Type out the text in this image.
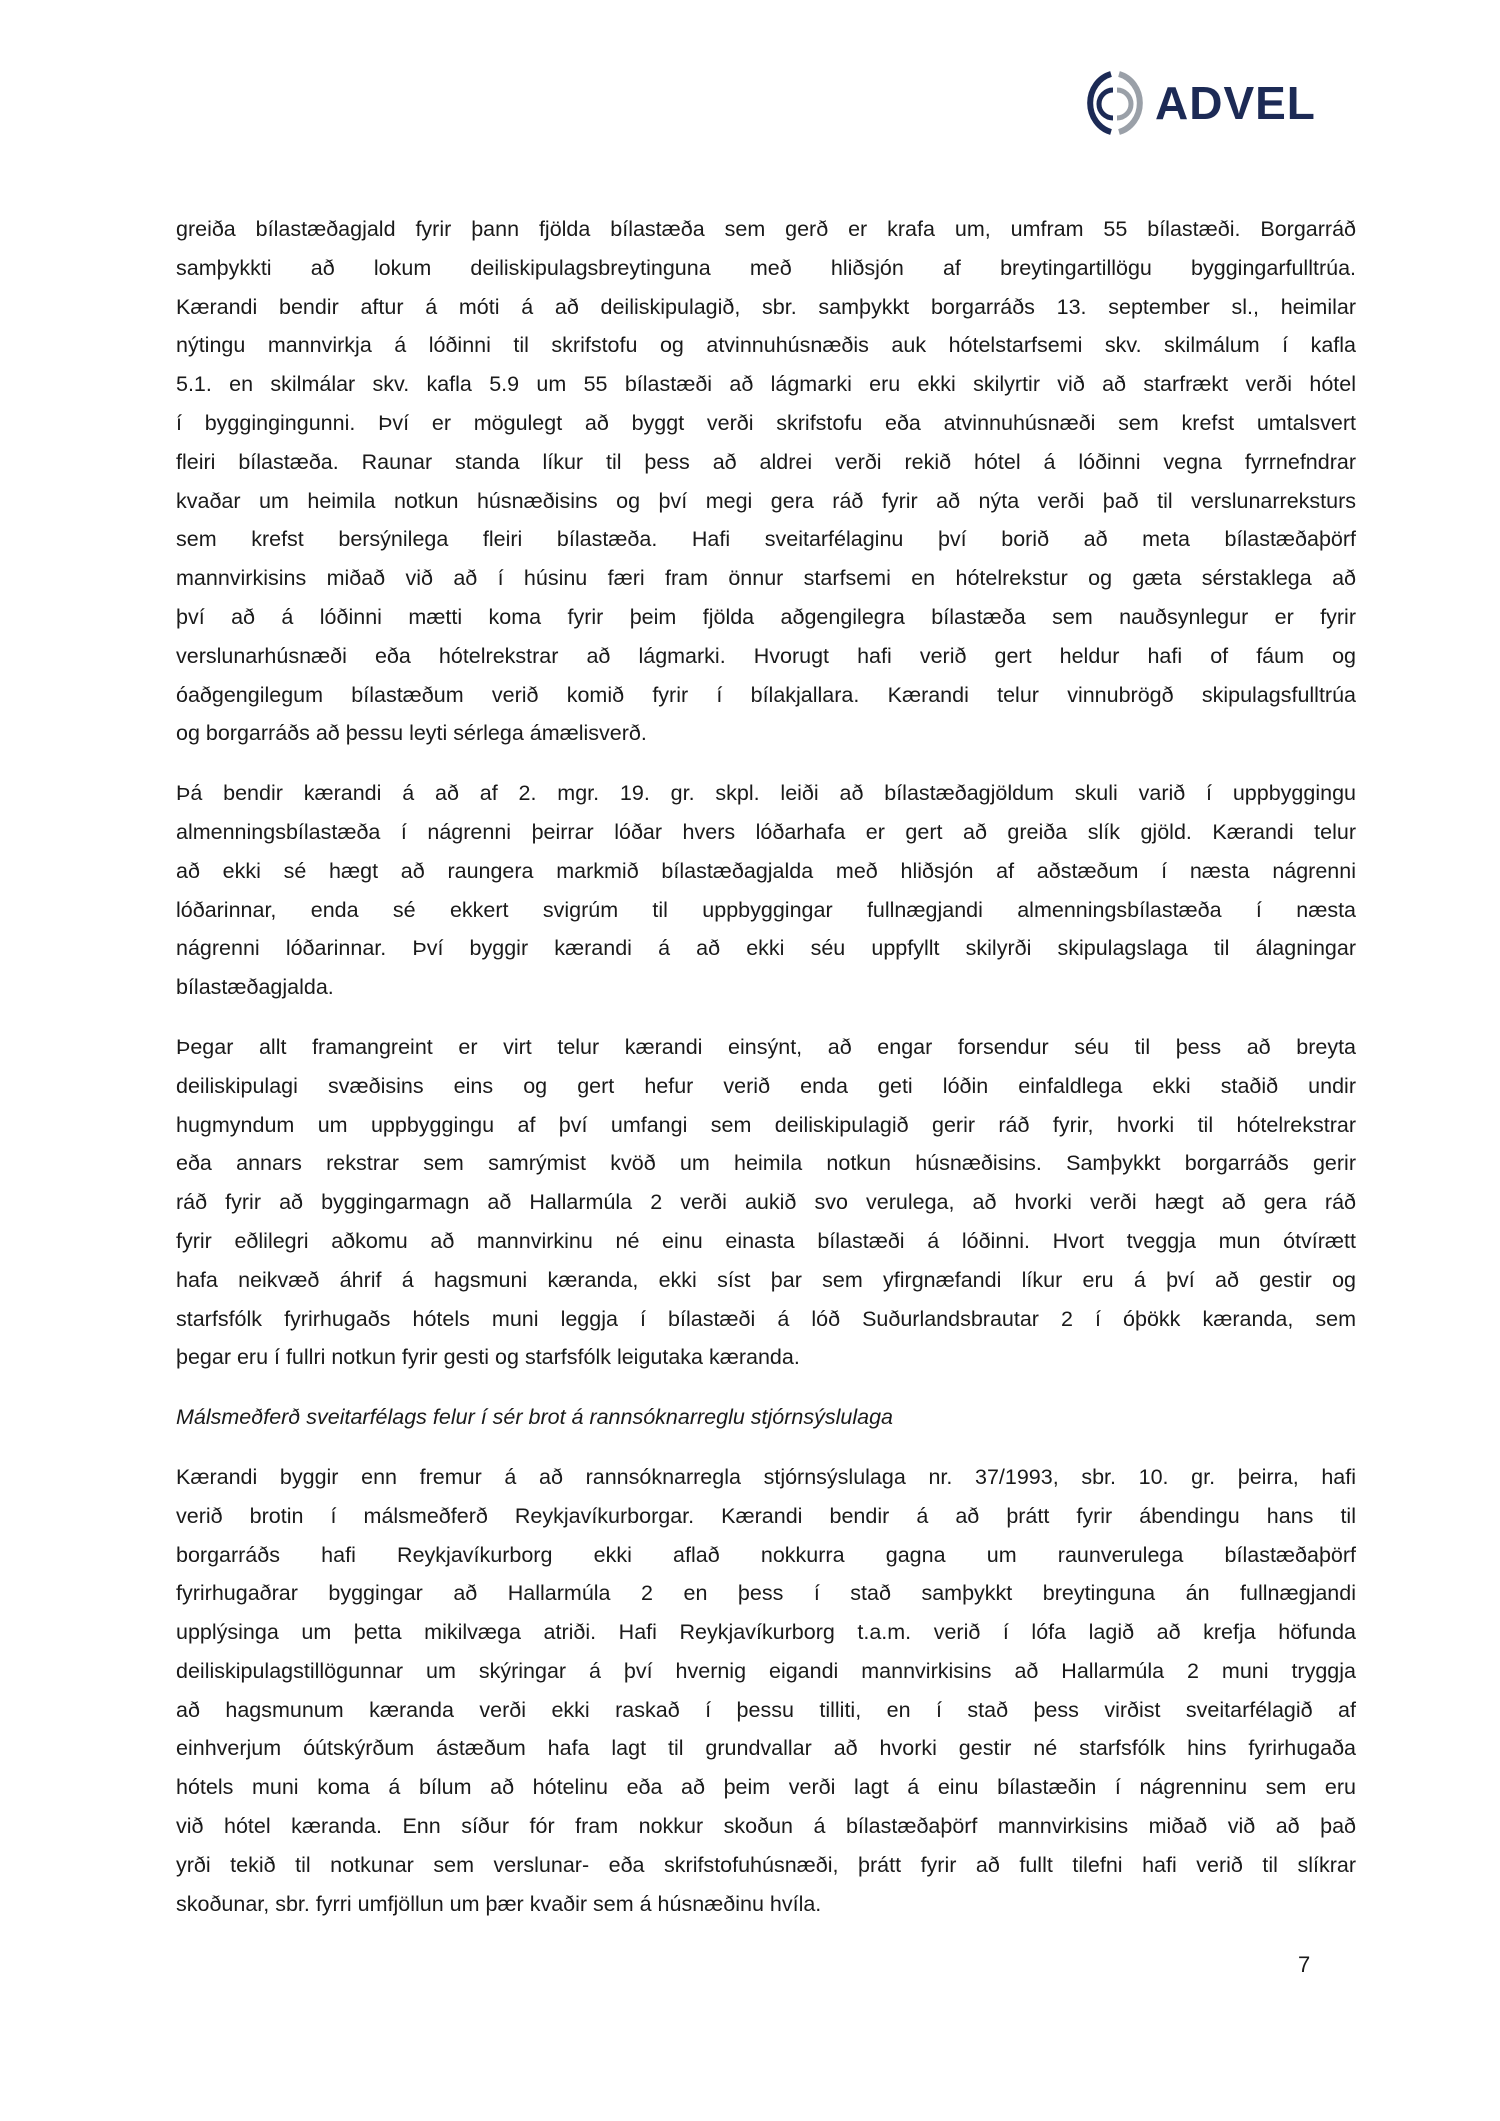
ADVEL
greiða bílastæðagjald fyrir þann fjölda bílastæða sem gerð er krafa um, umfram 55 bílastæði. Borgarráð
samþykkti að lokum deiliskipulagsbreytinguna með hliðsjón af breytingartillögu byggingarfulltrúa.
Kærandi bendir aftur á móti á að deiliskipulagið, sbr. samþykkt borgarráðs 13. september sl., heimilar
nýtingu mannvirkja á lóðinni til skrifstofu og atvinnuhúsnæðis auk hótelstarfsemi skv. skilmálum í kafla
5.1. en skilmálar skv. kafla 5.9 um 55 bílastæði að lágmarki eru ekki skilyrtir við að starfrækt verði hótel
í byggingingunni. Því er mögulegt að byggt verði skrifstofu eða atvinnuhúsnæði sem krefst umtalsvert
fleiri bílastæða. Raunar standa líkur til þess að aldrei verði rekið hótel á lóðinni vegna fyrrnefndrar
kvaðar um heimila notkun húsnæðisins og því megi gera ráð fyrir að nýta verði það til verslunarreksturs
sem krefst bersýnilega fleiri bílastæða. Hafi sveitarfélaginu því borið að meta bílastæðaþörf
mannvirkisins miðað við að í húsinu færi fram önnur starfsemi en hótelrekstur og gæta sérstaklega að
því að á lóðinni mætti koma fyrir þeim fjölda aðgengilegra bílastæða sem nauðsynlegur er fyrir
verslunarhúsnæði eða hótelrekstrar að lágmarki. Hvorugt hafi verið gert heldur hafi of fáum og
óaðgengilegum bílastæðum verið komið fyrir í bílakjallara. Kærandi telur vinnubrögð skipulagsfulltrúa
og borgarráðs að þessu leyti sérlega ámælisverð.
Þá bendir kærandi á að af 2. mgr. 19. gr. skpl. leiði að bílastæðagjöldum skuli varið í uppbyggingu
almenningsbílastæða í nágrenni þeirrar lóðar hvers lóðarhafa er gert að greiða slík gjöld. Kærandi telur
að ekki sé hægt að raungera markmið bílastæðagjalda með hliðsjón af aðstæðum í næsta nágrenni
lóðarinnar, enda sé ekkert svigrúm til uppbyggingar fullnægjandi almenningsbílastæða í næsta
nágrenni lóðarinnar. Því byggir kærandi á að ekki séu uppfyllt skilyrði skipulagslaga til álagningar
bílastæðagjalda.
Þegar allt framangreint er virt telur kærandi einsýnt, að engar forsendur séu til þess að breyta
deiliskipulagi svæðisins eins og gert hefur verið enda geti lóðin einfaldlega ekki staðið undir
hugmyndum um uppbyggingu af því umfangi sem deiliskipulagið gerir ráð fyrir, hvorki til hótelrekstrar
eða annars rekstrar sem samrýmist kvöð um heimila notkun húsnæðisins. Samþykkt borgarráðs gerir
ráð fyrir að byggingarmagn að Hallarmúla 2 verði aukið svo verulega, að hvorki verði hægt að gera ráð
fyrir eðlilegri aðkomu að mannvirkinu né einu einasta bílastæði á lóðinni. Hvort tveggja mun ótvírætt
hafa neikvæð áhrif á hagsmuni kæranda, ekki síst þar sem yfirgnæfandi líkur eru á því að gestir og
starfsfólk fyrirhugaðs hótels muni leggja í bílastæði á lóð Suðurlandsbrautar 2 í óþökk kæranda, sem
þegar eru í fullri notkun fyrir gesti og starfsfólk leigutaka kæranda.
Málsmeðferð sveitarfélags felur í sér brot á rannsóknarreglu stjórnsýslulaga
Kærandi byggir enn fremur á að rannsóknarregla stjórnsýslulaga nr. 37/1993, sbr. 10. gr. þeirra, hafi
verið brotin í málsmeðferð Reykjavíkurborgar. Kærandi bendir á að þrátt fyrir ábendingu hans til
borgarráðs hafi Reykjavíkurborg ekki aflað nokkurra gagna um raunverulega bílastæðaþörf
fyrirhugaðrar byggingar að Hallarmúla 2 en þess í stað samþykkt breytinguna án fullnægjandi
upplýsinga um þetta mikilvæga atriði. Hafi Reykjavíkurborg t.a.m. verið í lófa lagið að krefja höfunda
deiliskipulagstillögunnar um skýringar á því hvernig eigandi mannvirkisins að Hallarmúla 2 muni tryggja
að hagsmunum kæranda verði ekki raskað í þessu tilliti, en í stað þess virðist sveitarfélagið af
einhverjum óútskýrðum ástæðum hafa lagt til grundvallar að hvorki gestir né starfsfólk hins fyrirhugaða
hótels muni koma á bílum að hótelinu eða að þeim verði lagt á einu bílastæðin í nágrenninu sem eru
við hótel kæranda. Enn síður fór fram nokkur skoðun á bílastæðaþörf mannvirkisins miðað við að það
yrði tekið til notkunar sem verslunar- eða skrifstofuhúsnæði, þrátt fyrir að fullt tilefni hafi verið til slíkrar
skoðunar, sbr. fyrri umfjöllun um þær kvaðir sem á húsnæðinu hvíla.
7
